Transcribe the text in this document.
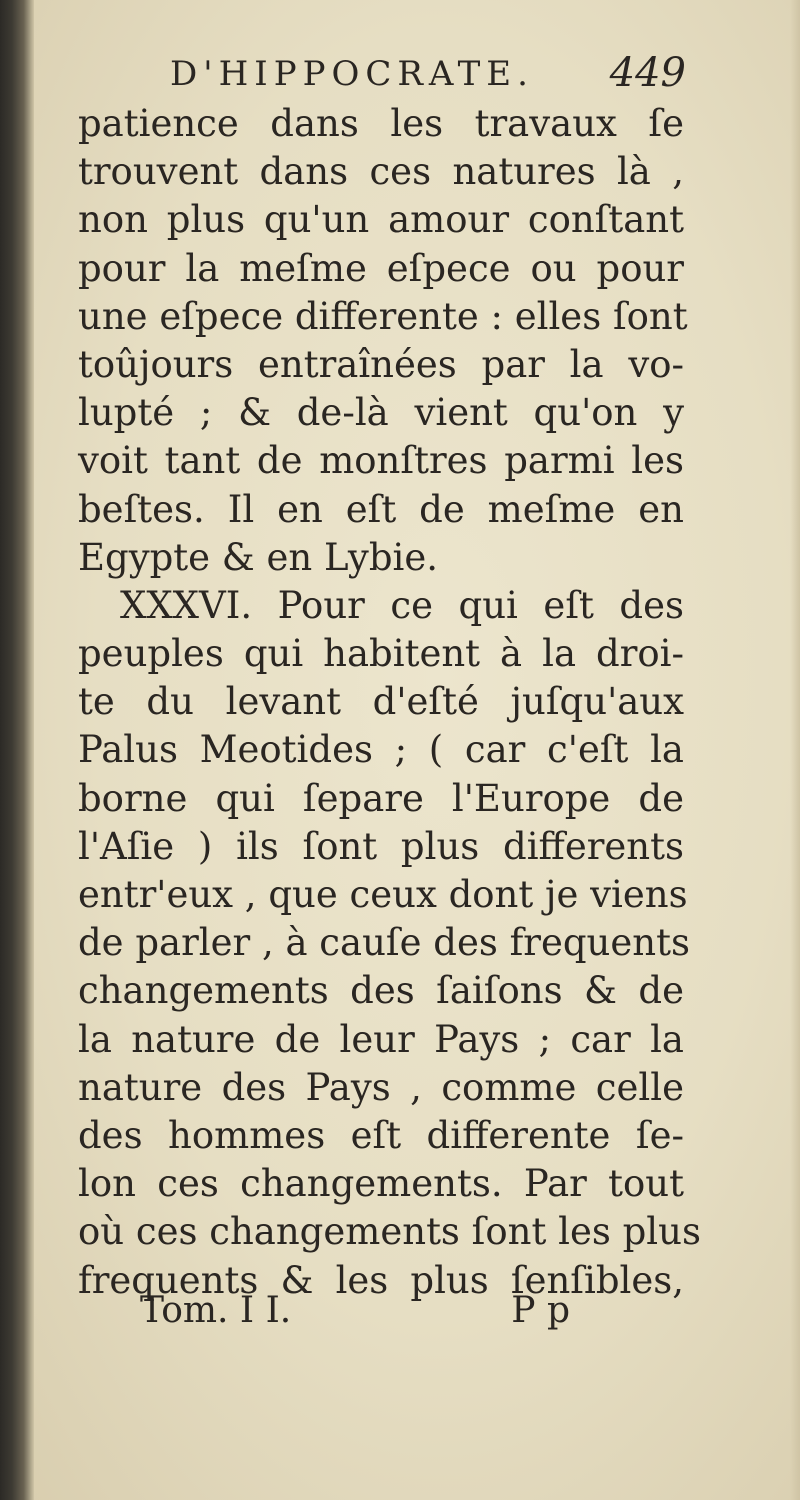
D'HIPPOCRATE. 449
patience dans les travaux ſe
trouvent dans ces natures là ,
non plus qu'un amour conſtant
pour la meſme eſpece ou pour
une eſpece differente : elles ſont
toûjours entraînées par la vo-
lupté ; & de-là vient qu'on y
voit tant de monſtres parmi les
beſtes. Il en eſt de meſme en
Egypte & en Lybie.
XXXVI. Pour ce qui eſt des
peuples qui habitent à la droi-
te du levant d'eſté juſqu'aux
Palus Meotides ; ( car c'eſt la
borne qui ſepare l'Europe de
l'Aſie ) ils ſont plus differents
entr'eux , que ceux dont je viens
de parler , à cauſe des frequents
changements des ſaiſons & de
la nature de leur Pays ; car la
nature des Pays , comme celle
des hommes eſt differente ſe-
lon ces changements. Par tout
où ces changements ſont les plus
frequents & les plus ſenſibles,
Tom. I I.	P p
